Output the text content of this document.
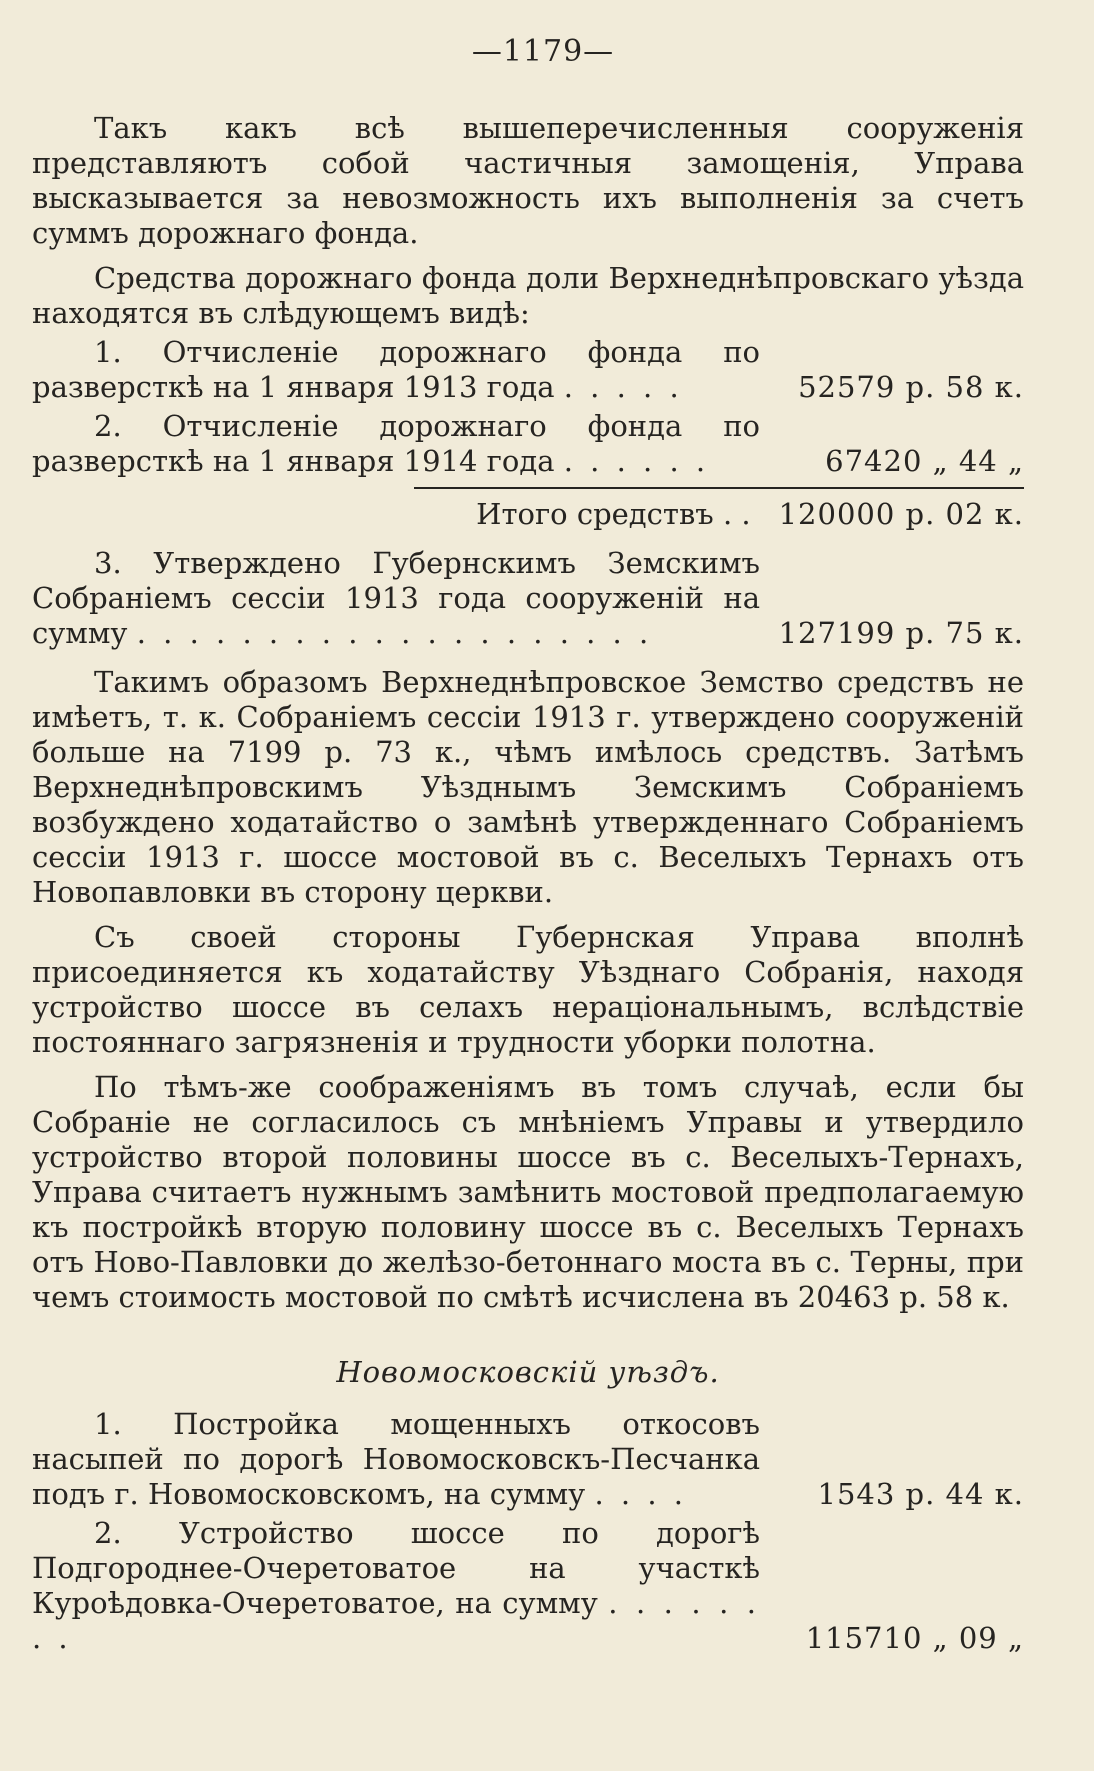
—1179—

Такъ какъ всѣ вышеперечисленныя сооруженія представляютъ собой частичныя замощенія, Управа высказывается за невозможность ихъ выполненія за счетъ суммъ дорожнаго фонда.

Средства дорожнаго фонда доли Верхнеднѣпровскаго уѣзда находятся въ слѣдующемъ видѣ:

1. Отчисленіе дорожнаго фонда по разверсткѣ на 1 января 1913 года . . . . .	52579 р. 58 к.
2. Отчисленіе дорожнаго фонда по разверсткѣ на 1 января 1914 года . . . . . .	67420 „ 44 „
Итого средствъ . . 120000 р. 02 к.
3. Утверждено Губернскимъ Земскимъ Собраніемъ сессіи 1913 года сооруженій на сумму . . . . . . . . . . . . . . . . . . . .	127199 р. 75 к.

Такимъ образомъ Верхнеднѣпровское Земство средствъ не имѣетъ, т. к. Собраніемъ сессіи 1913 г. утверждено сооруженій больше на 7199 р. 73 к., чѣмъ имѣлось средствъ. Затѣмъ Верхнеднѣпровскимъ Уѣзднымъ Земскимъ Собраніемъ возбуждено ходатайство о замѣнѣ утвержденнаго Собраніемъ сессіи 1913 г. шоссе мостовой въ с. Веселыхъ Тернахъ отъ Новопавловки въ сторону церкви.

Съ своей стороны Губернская Управа вполнѣ присоединяется къ ходатайству Уѣзднаго Собранія, находя устройство шоссе въ селахъ нераціональнымъ, вслѣдствіе постояннаго загрязненія и трудности уборки полотна.

По тѣмъ-же соображеніямъ въ томъ случаѣ, если бы Собраніе не согласилось съ мнѣніемъ Управы и утвердило устройство второй половины шоссе въ с. Веселыхъ-Тернахъ, Управа считаетъ нужнымъ замѣнить мостовой предполагаемую къ постройкѣ вторую половину шоссе въ с. Веселыхъ Тернахъ отъ Ново-Павловки до желѣзо-бетоннаго моста въ с. Терны, при чемъ стоимость мостовой по смѣтѣ исчислена въ 20463 р. 58 к.

Новомосковскій уѣздъ.
1. Постройка мощенныхъ откосовъ насыпей по дорогѣ Новомосковскъ-Песчанка подъ г. Новомосковскомъ, на сумму . . . .	1543 р. 44 к.
2. Устройство шоссе по дорогѣ Подгороднее-Очеретоватое на участкѣ Куроѣдовка-Очеретоватое, на сумму . . . . . . . .	115710 „ 09 „
